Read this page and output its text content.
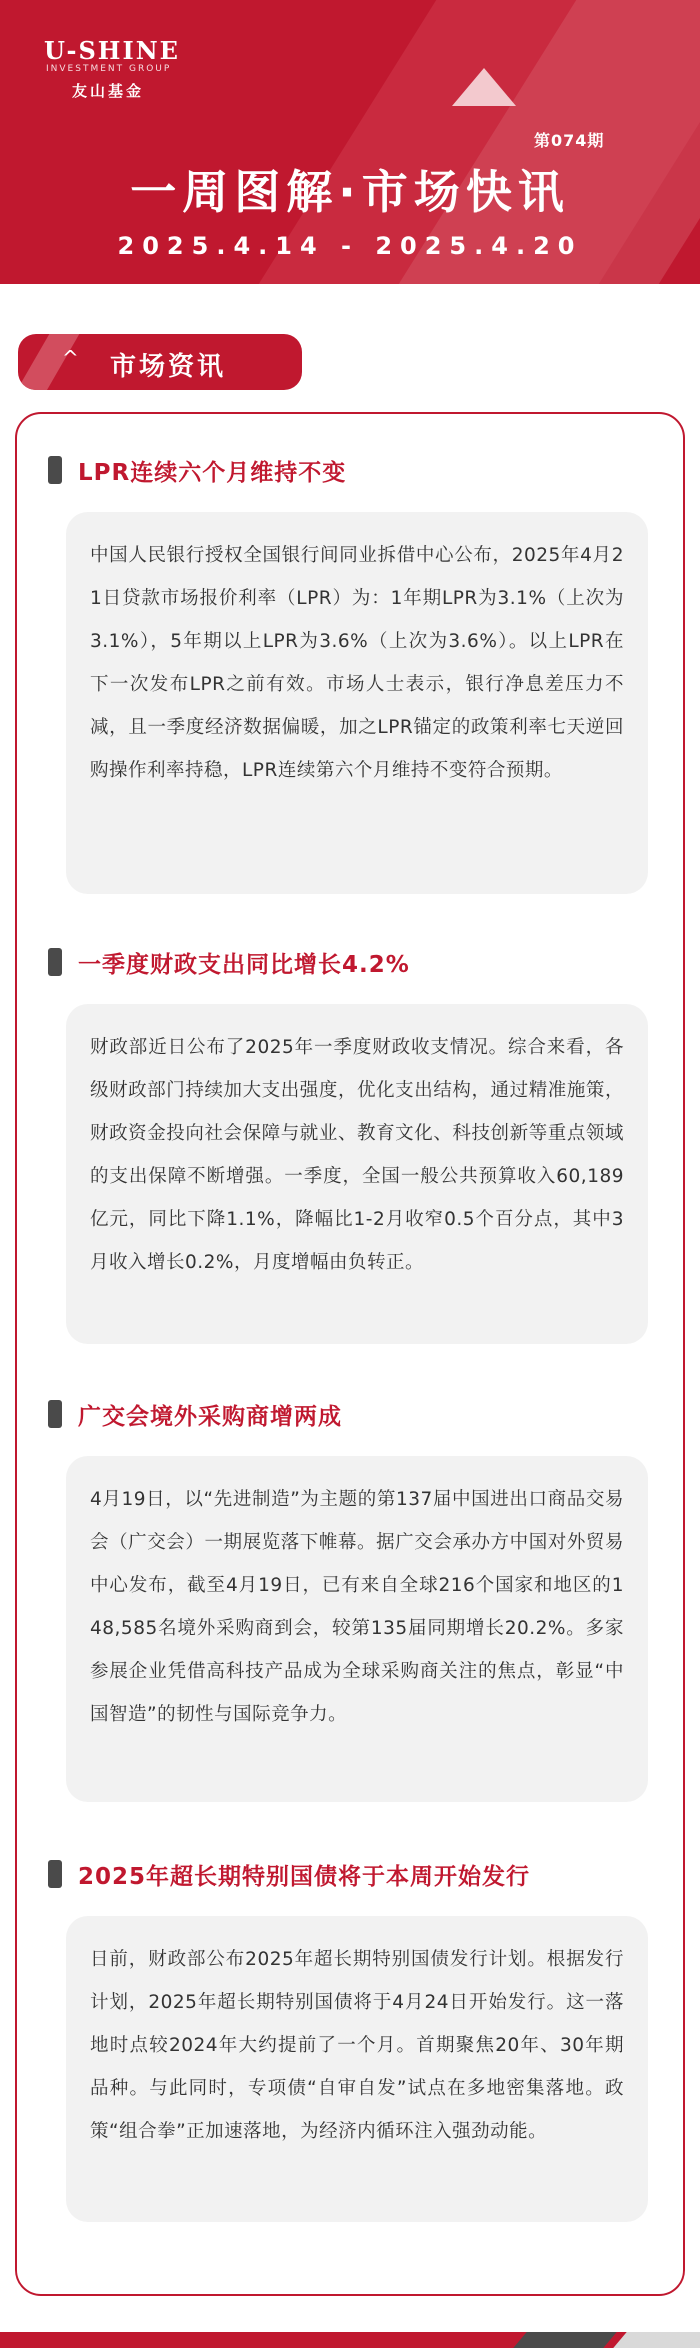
U-SHINE
INVESTMENT GROUP
友山基金
第074期
一周图解·市场快讯
2025.4.14 - 2025.4.20
^ 市场资讯
LPR连续六个月维持不变

中国人民银行授权全国银行间同业拆借中心公布，2025年4月21日贷款市场报价利率（LPR）为：1年期LPR为3.1%（上次为3.1%），5年期以上LPR为3.6%（上次为3.6%）。以上LPR在下一次发布LPR之前有效。市场人士表示，银行净息差压力不减，且一季度经济数据偏暖，加之LPR锚定的政策利率七天逆回购操作利率持稳，LPR连续第六个月维持不变符合预期。

一季度财政支出同比增长4.2%

财政部近日公布了2025年一季度财政收支情况。综合来看，各级财政部门持续加大支出强度，优化支出结构，通过精准施策，财政资金投向社会保障与就业、教育文化、科技创新等重点领域的支出保障不断增强。一季度，全国一般公共预算收入60,189亿元，同比下降1.1%，降幅比1-2月收窄0.5个百分点，其中3月收入增长0.2%，月度增幅由负转正。

广交会境外采购商增两成

4月19日，以“先进制造”为主题的第137届中国进出口商品交易会（广交会）一期展览落下帷幕。据广交会承办方中国对外贸易中心发布，截至4月19日，已有来自全球216个国家和地区的148,585名境外采购商到会，较第135届同期增长20.2%。多家参展企业凭借高科技产品成为全球采购商关注的焦点，彰显“中国智造”的韧性与国际竞争力。

2025年超长期特别国债将于本周开始发行

日前，财政部公布2025年超长期特别国债发行计划。根据发行计划，2025年超长期特别国债将于4月24日开始发行。这一落地时点较2024年大约提前了一个月。首期聚焦20年、30年期品种。与此同时，专项债“自审自发”试点在多地密集落地。政策“组合拳”正加速落地，为经济内循环注入强劲动能。
